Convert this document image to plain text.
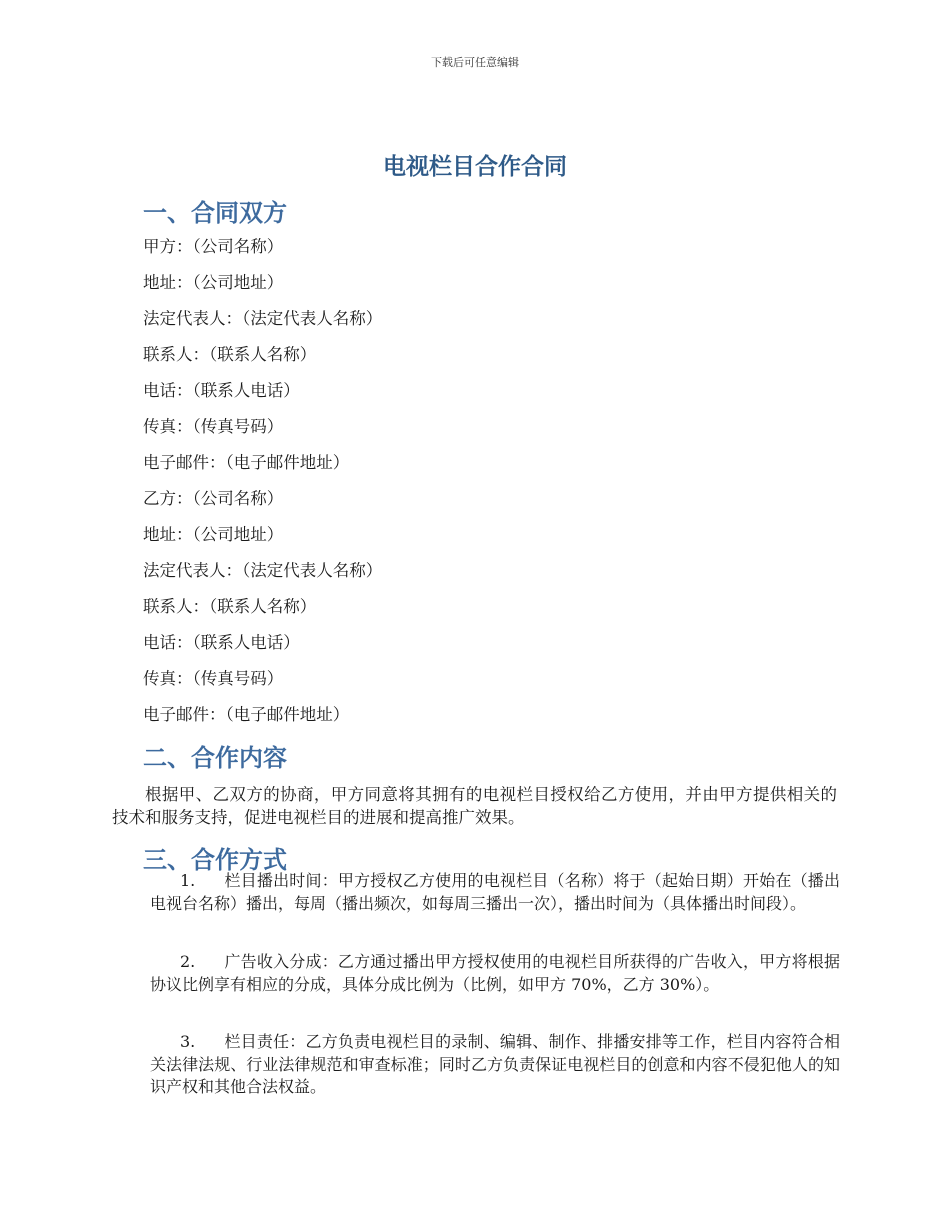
下载后可任意编辑
电视栏目合作合同
一、合同双方
甲方：（公司名称）
地址：（公司地址）
法定代表人：（法定代表人名称）
联系人：（联系人名称）
电话：（联系人电话）
传真：（传真号码）
电子邮件：（电子邮件地址）
乙方：（公司名称）
地址：（公司地址）
法定代表人：（法定代表人名称）
联系人：（联系人名称）
电话：（联系人电话）
传真：（传真号码）
电子邮件：（电子邮件地址）
二、合作内容
根据甲、乙双方的协商，甲方同意将其拥有的电视栏目授权给乙方使用，并由甲方提供相关的技术和服务支持，促进电视栏目的进展和提高推广效果。
三、合作方式
1. 栏目播出时间：甲方授权乙方使用的电视栏目（名称）将于（起始日期）开始在（播出电视台名称）播出，每周（播出频次，如每周三播出一次），播出时间为（具体播出时间段）。
2. 广告收入分成：乙方通过播出甲方授权使用的电视栏目所获得的广告收入，甲方将根据协议比例享有相应的分成，具体分成比例为（比例，如甲方 70%，乙方 30%）。
3. 栏目责任：乙方负责电视栏目的录制、编辑、制作、排播安排等工作，栏目内容符合相关法律法规、行业法律规范和审查标准；同时乙方负责保证电视栏目的创意和内容不侵犯他人的知识产权和其他合法权益。
